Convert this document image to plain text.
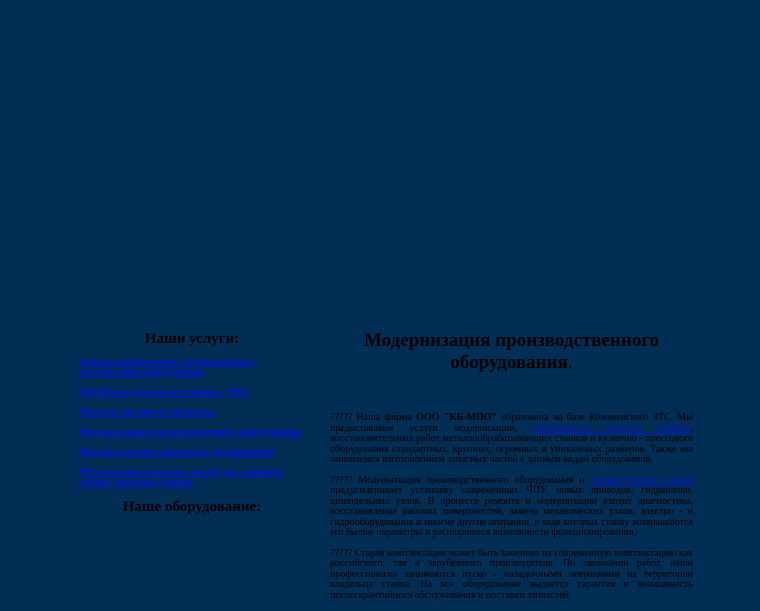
Наши услуги:
Капитальный ремонт, модернизация и изготовление оборудования
Обработка деталей на станках с ЧПУ
Раскрой листового материала
Продажа нового металлорежущего оборудования
Продажа крупногабаритных подшипников
Изготовление запасных частей для станков и ремонт тяжелых станков
Наше оборудование:
Модернизация производственного оборудования.

????? Наша фирма ООО "КБ-МПО" образована на базе Коломенского ЗТС. Мы предоставляем услуги модернизации, капитального ремонта станков, восстановительных работ металлообрабатывающих станков и кузнечно - прессового оборудования стандартных, крупных, огромных и уникальных размеров. Также мы занимаемся изготовлением запасных частей к данным видам оборудования.

????? Модернизация производственного оборудования и реконструкция станков предусматривает установку современных ЧПУ, новых приводов, гидравлики, шпиндельных узлов. В процессе ремонта и модернизации входит диагностика, восстановление рабочих поверхностей, замена механических узлов, электро - и гидрооборудования и многие другие операции, в ходе которых станку возвращаются его былые параметры и расширяются возможности функционирования.

????? Старая комплектация может быть заменена на современную комплектацию как российского, так и зарубежного производителя. По окончании работ, наши профессионалы занимаются пуско - наладочными операциями на территории владельца станка. На все оборудование выдается гарантия и возможность послегарантийного обслуживания и поставки запчастей.
